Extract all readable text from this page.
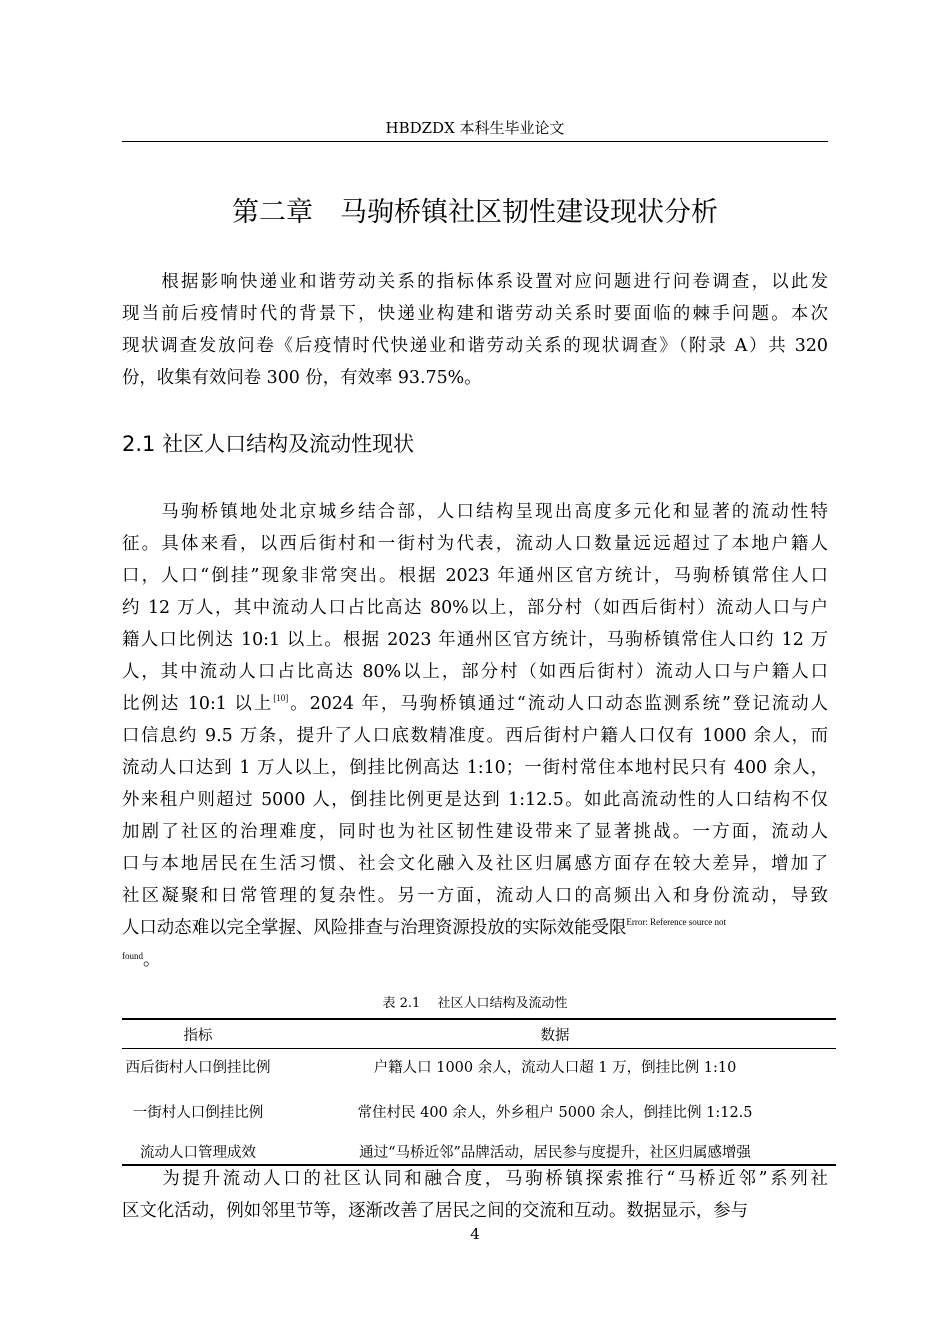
HBDZDX 本科生毕业论文
第二章　马驹桥镇社区韧性建设现状分析
　　根据影响快递业和谐劳动关系的指标体系设置对应问题进行问卷调查，以此发
现当前后疫情时代的背景下，快递业构建和谐劳动关系时要面临的棘手问题。本次
现状调查发放问卷《后疫情时代快递业和谐劳动关系的现状调查》（附录 A）共 320
份，收集有效问卷 300 份，有效率 93.75%。
2.1 社区人口结构及流动性现状
　　马驹桥镇地处北京城乡结合部，人口结构呈现出高度多元化和显著的流动性特
征。具体来看，以西后街村和一街村为代表，流动人口数量远远超过了本地户籍人
口，人口“倒挂”现象非常突出。根据 2023 年通州区官方统计，马驹桥镇常住人口
约 12 万人，其中流动人口占比高达 80%以上，部分村（如西后街村）流动人口与户
籍人口比例达 10:1 以上。根据 2023 年通州区官方统计，马驹桥镇常住人口约 12 万
人，其中流动人口占比高达 80%以上，部分村（如西后街村）流动人口与户籍人口
比例达 10:1 以上[10]。2024 年，马驹桥镇通过“流动人口动态监测系统”登记流动人
口信息约 9.5 万条，提升了人口底数精准度。西后街村户籍人口仅有 1000 余人，而
流动人口达到 1 万人以上，倒挂比例高达 1:10；一街村常住本地村民只有 400 余人，
外来租户则超过 5000 人，倒挂比例更是达到 1:12.5。如此高流动性的人口结构不仅
加剧了社区的治理难度，同时也为社区韧性建设带来了显著挑战。一方面，流动人
口与本地居民在生活习惯、社会文化融入及社区归属感方面存在较大差异，增加了
社区凝聚和日常管理的复杂性。另一方面，流动人口的高频出入和身份流动，导致
人口动态难以完全掌握、风险排查与治理资源投放的实际效能受限$^{Error: Reference source not}$
$_{found}$。
表 2.1　 社区人口结构及流动性
指标	数据
西后街村人口倒挂比例	户籍人口 1000 余人，流动人口超 1 万，倒挂比例 1:10
一街村人口倒挂比例	常住村民 400 余人，外乡租户 5000 余人，倒挂比例 1:12.5
流动人口管理成效	通过“马桥近邻”品牌活动，居民参与度提升，社区归属感增强
　　为提升流动人口的社区认同和融合度，马驹桥镇探索推行“马桥近邻”系列社
区文化活动，例如邻里节等，逐渐改善了居民之间的交流和互动。数据显示，参与
4
